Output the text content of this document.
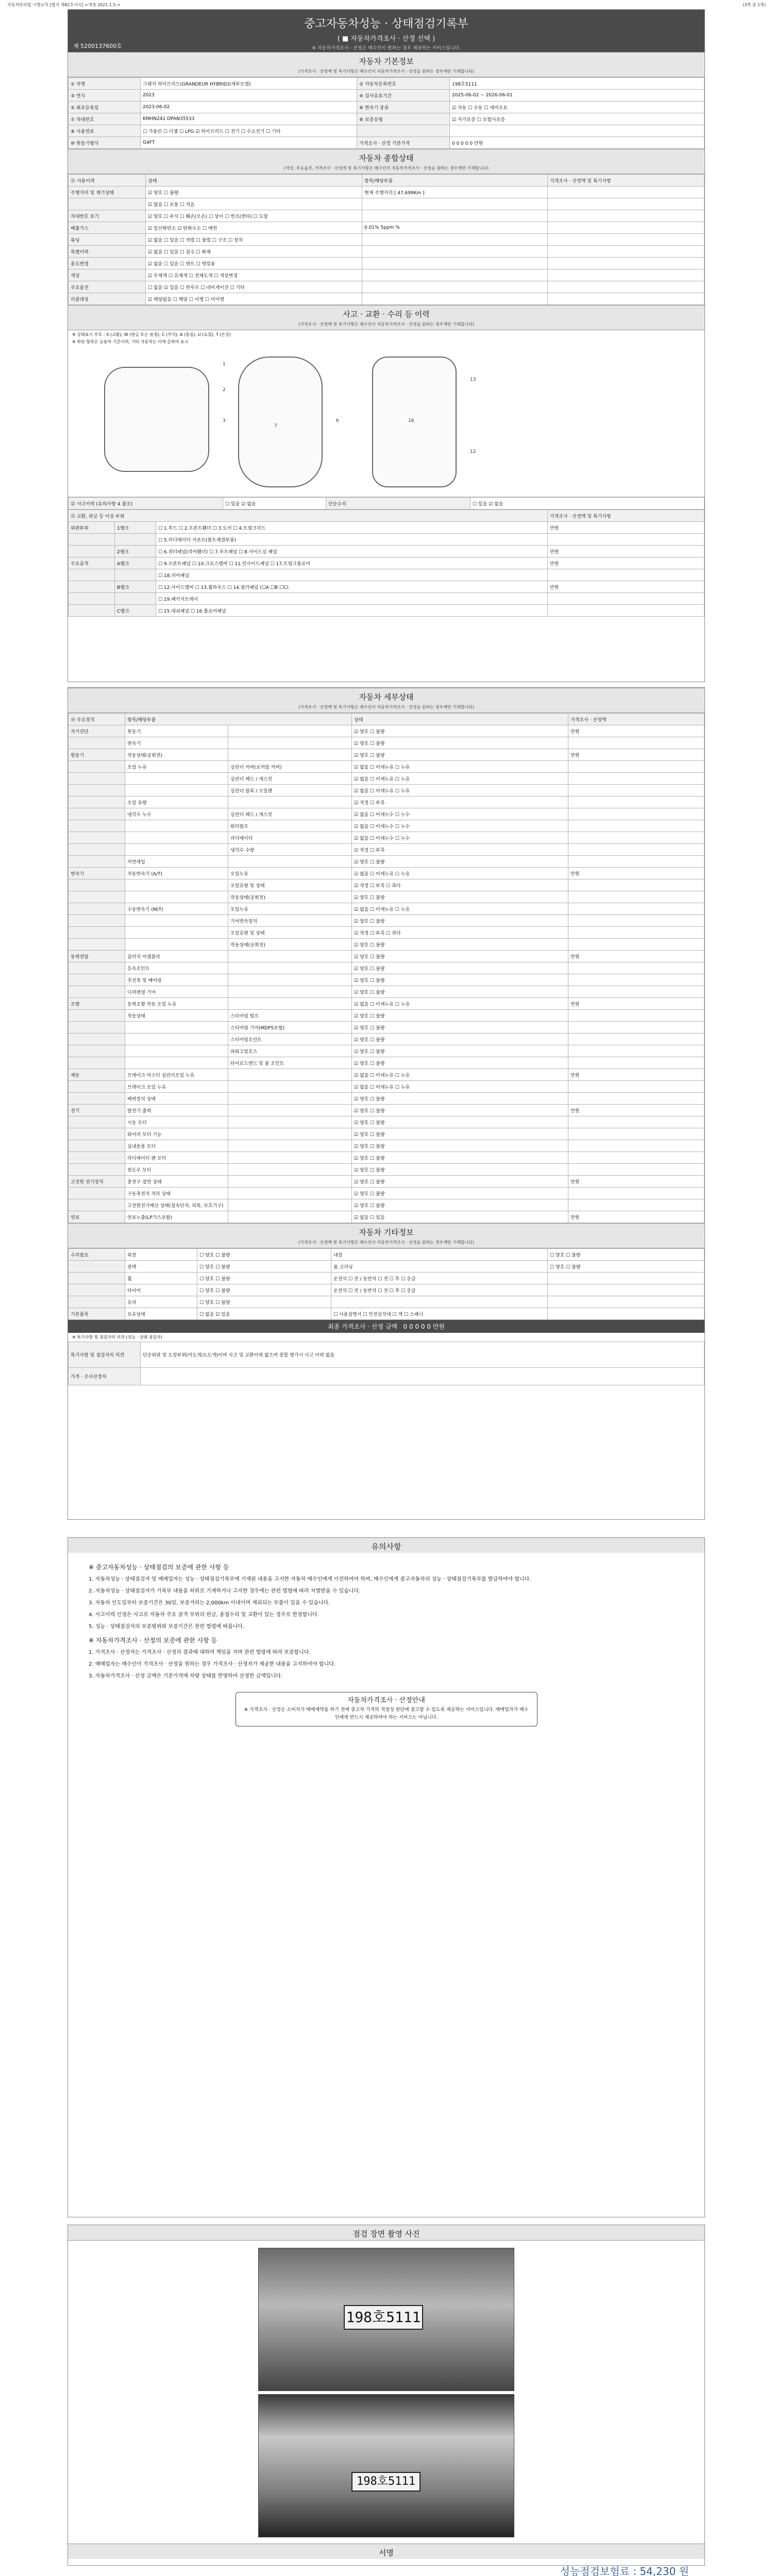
자동차관리법 시행규칙 [별지 제82호서식] <개정 2021.1.5.>	(3쪽 중 1쪽)
중고자동차성능 · 상태점검기록부
( ■ 자동차가격조사 · 산정 선택 )
※ 자동차가격조사 · 산정은 매수인이 원하는 경우 제공하는 서비스입니다.
제 5200137600호
자동차 기본정보
(가격조사 · 산정액 및 특기사항은 매수인이 자동차가격조사 · 산정을 원하는 경우에만 기재합니다)
① 차명	그랜저 하이브리드(GRANDEUR HYBRID)(세부모델)	② 자동차등록번호	198호5111
③ 연식	2023	④ 검사유효기간	2025-06-02 ~ 2026-06-01
⑤ 최초등록일	2023-06-02	⑥ 변속기 종류	☑ 자동 ☐ 수동 ☐ 세미오토
⑦ 차대번호	KMHN241 DPAN35533	⑧ 보증유형	☑ 자가보증 ☐ 보험사보증
⑨ 사용연료	☐ 가솔린 ☐ 디젤 ☐ LPG ☑ 하이브리드 ☐ 전기 ☐ 수소전기 ☐ 기타		
⑩ 원동기형식	G4FT	가격조사 · 산정 기준가격	0 0 0 0 0 만원
자동차 종합상태
(색상, 주요옵션, 가격조사 · 산정액 및 특기사항은 매수인이 자동차가격조사 · 산정을 원하는 경우에만 기재합니다)
⑪ 사용이력	상태	항목/해당부품	가격조사 · 산정액 및 특기사항
주행거리 및 계기상태	☑ 양호 ☐ 불량	현재 주행거리 [ 47,699Km ]	
	☑ 많음 ☐ 보통 ☐ 적음		
차대번호 표기	☑ 양호 ☐ 부식 ☐ 훼손(오손) ☐ 상이 ☐ 변조(변타) ☐ 도말		
배출가스	☑ 일산화탄소 ☑ 탄화수소 ☐ 매연	0.01% 5ppm %	
튜닝	☑ 없음 ☐ 있음 ☐ 적법 ☐ 불법 ☐ 구조 ☐ 장치		
특별이력	☑ 없음 ☐ 있음 ☐ 침수 ☐ 화재		
용도변경	☑ 없음 ☐ 있음 ☐ 렌트 ☐ 영업용		
색상	☑ 무채색 ☐ 유채색 ☐ 전체도색 ☐ 색상변경		
주요옵션	☐ 없음 ☑ 있음 ☐ 썬루프 ☐ 네비게이션 ☐ 기타		
리콜대상	☑ 해당없음 ☐ 해당 ☐ 이행 ☐ 미이행		
사고 · 교환 · 수리 등 이력
(가격조사 · 산정액 및 특기사항은 매수인이 자동차가격조사 · 산정을 원하는 경우에만 기재합니다)
※ 상태표시 부호 : X (교환), W (판금 또는 용접), C (부식), A (흠집), U (요철), T (손상)
※ 하단 항목은 승용차 기준이며, 기타 자동차는 이에 준하여 표시
1
2
3
7
6	16
13
12
⑫ 사고이력 (유의사항 4 참조)	☐ 있음 ☑ 없음	단순수리	☐ 있음 ☑ 없음
⑬ 교환, 판금 등 이상 부위			가격조사 · 산정액 및 특기사항
외판부위	1랭크	☐ 1.후드 ☐ 2.프론트휀더 ☐ 3.도어 ☐ 4.트렁크리드	만원
		☐ 5.라디에이터 서포트(볼트체결부품)	
	2랭크	☐ 6.쿼터패널(리어휀더) ☐ 7.루프패널 ☐ 8.사이드실 패널	만원
주요골격	A랭크	☐ 9.프론트패널 ☐ 10.크로스멤버 ☐ 11.인사이드패널 ☐ 17.트렁크플로어	만원
		☐ 18.리어패널	
	B랭크	☐ 12.사이드멤버 ☐ 13.휠하우스 ☐ 14.필러패널 (☐A ☐B ☐C)	만원
		☐ 19.패키지트레이	
	C랭크	☐ 15.대쉬패널 ☐ 16.플로어패널	
자동차 세부상태
(가격조사 · 산정액 및 특기사항은 매수인이 자동차가격조사 · 산정을 원하는 경우에만 기재합니다)
⑭ 주요장치	항목/해당부품		상태	가격조사 · 산정액
자기진단	원동기		☑ 양호 ☐ 불량	만원
	변속기		☑ 양호 ☐ 불량	
원동기	작동상태(공회전)		☑ 양호 ☐ 불량	만원
	오일 누유	실린더 커버(로커암 커버)	☑ 없음 ☐ 미세누유 ☐ 누유	
		실린더 헤드 / 개스킷	☑ 없음 ☐ 미세누유 ☐ 누유	
		실린더 블록 / 오일팬	☑ 없음 ☐ 미세누유 ☐ 누유	
	오일 유량		☑ 적정 ☐ 부족	
	냉각수 누수	실린더 헤드 / 개스킷	☑ 없음 ☐ 미세누수 ☐ 누수	
		워터펌프	☑ 없음 ☐ 미세누수 ☐ 누수	
		라디에이터	☑ 없음 ☐ 미세누수 ☐ 누수	
		냉각수 수량	☑ 적정 ☐ 부족	
	커먼레일		☑ 양호 ☐ 불량	
변속기	자동변속기 (A/T)	오일누유	☑ 없음 ☐ 미세누유 ☐ 누유	만원
		오일유량 및 상태	☑ 적정 ☐ 부족 ☐ 과다	
		작동상태(공회전)	☑ 양호 ☐ 불량	
	수동변속기 (M/T)	오일누유	☑ 없음 ☐ 미세누유 ☐ 누유	
		기어변속장치	☑ 양호 ☐ 불량	
		오일유량 및 상태	☑ 적정 ☐ 부족 ☐ 과다	
		작동상태(공회전)	☑ 양호 ☐ 불량	
동력전달	클러치 어셈블리		☑ 양호 ☐ 불량	만원
	등속조인트		☑ 양호 ☐ 불량	
	추진축 및 베어링		☑ 양호 ☐ 불량	
	디퍼렌셜 기어		☑ 양호 ☐ 불량	
조향	동력조향 작동 오일 누유		☑ 없음 ☐ 미세누유 ☐ 누유	만원
	작동상태	스티어링 펌프	☑ 양호 ☐ 불량	
		스티어링 기어(MDPS포함)	☑ 양호 ☐ 불량	
		스티어링조인트	☑ 양호 ☐ 불량	
		파워고압호스	☑ 양호 ☐ 불량	
		타이로드엔드 및 볼 조인트	☑ 양호 ☐ 불량	
제동	브레이크 마스터 실린더오일 누유		☑ 없음 ☐ 미세누유 ☐ 누유	만원
	브레이크 오일 누유		☑ 없음 ☐ 미세누유 ☐ 누유	
	배력장치 상태		☑ 양호 ☐ 불량	
전기	발전기 출력		☑ 양호 ☐ 불량	만원
	시동 모터		☑ 양호 ☐ 불량	
	와이퍼 모터 기능		☑ 양호 ☐ 불량	
	실내송풍 모터		☑ 양호 ☐ 불량	
	라디에이터 팬 모터		☑ 양호 ☐ 불량	
	윈도우 모터		☑ 양호 ☐ 불량	
고전원 전기장치	충전구 절연 상태		☑ 양호 ☐ 불량	만원
	구동축전지 격리 상태		☑ 양호 ☐ 불량	
	고전원전기배선 상태(접속단자, 피복, 보호기구)		☑ 양호 ☐ 불량	
연료	연료누출(LP가스포함)		☑ 없음 ☐ 있음	만원
자동차 기타정보
(가격조사 · 산정액 및 특기사항은 매수인이 자동차가격조사 · 산정을 원하는 경우에만 기재합니다)
수리필요	외장	☐ 양호 ☐ 불량	내장	☐ 양호 ☐ 불량
	광택	☐ 양호 ☐ 불량	룸 크리닝	☐ 양호 ☐ 불량
	휠	☐ 양호 ☐ 불량	운전석 ☐ 전 / 동반석 ☐ 전 ☐ 후 ☐ 응급	
	타이어	☐ 양호 ☐ 불량	운전석 ☐ 전 / 동반석 ☐ 전 ☐ 후 ☐ 응급	
	유리	☐ 양호 ☐ 불량		
기본품목	보유상태	☐ 없음 ☑ 있음	☐ 사용설명서 ☐ 안전삼각대 ☐ 잭 ☐ 스패너	
최종 가격조사 · 산정 금액 0 0 0 0 0 만원
※ 특기사항 및 점검자의 의견 (성능 · 상태 점검자)
특기사항 및 점검자의 의견	단순외판 및 도장부위(미도색/도도색)이며 사고 및 교환이력 없으며 종합 평가시 사고 이력 없음
가격 · 조사산정자	
유의사항
※ 중고자동차성능 · 상태점검의 보증에 관한 사항 등

1. 자동차성능 · 상태점검자 및 매매업자는 성능 · 상태점검기록부에 기재된 내용을 고지한 자동차 매수인에게 이전하여야 하며, 매수인에게 중고자동차의 성능 · 상태점검기록부를 발급하여야 합니다.

2. 자동차성능 · 상태점검자가 기록부 내용을 허위로 기재하거나 고지한 경우에는 관련 법령에 따라 처벌받을 수 있습니다.

3. 자동차 인도일부터 보증기간은 30일, 보증거리는 2,000km 이내이며 제외되는 부품이 있을 수 있습니다.

4. 사고이력 인정은 사고로 자동차 주요 골격 부위의 판금, 용접수리 및 교환이 있는 경우로 한정합니다.

5. 성능 · 상태점검자의 보증범위와 보증기간은 관련 법령에 따릅니다.

※ 자동차가격조사 · 산정의 보증에 관한 사항 등

1. 가격조사 · 산정자는 가격조사 · 산정의 결과에 대하여 책임을 지며 관련 법령에 따라 보증합니다.

2. 매매업자는 매수인이 가격조사 · 산정을 원하는 경우 가격조사 · 산정자가 제공한 내용을 고지하여야 합니다.

3. 자동차가격조사 · 산정 금액은 기준가격에 차량 상태를 반영하여 산정한 금액입니다.

자동차가격조사 · 산정안내
※ 가격조사 · 산정은 소비자가 매매계약을 하기 전에 중고차 가격의 적절성 판단에 참고할 수 있도록 제공하는 서비스입니다. 매매업자가 매수인에게 반드시 제공하여야 하는 서비스는 아닙니다.
점검 장면 촬영 사진
198호5111
198호5111
서명
성능점검보험료 : 54,230 원
